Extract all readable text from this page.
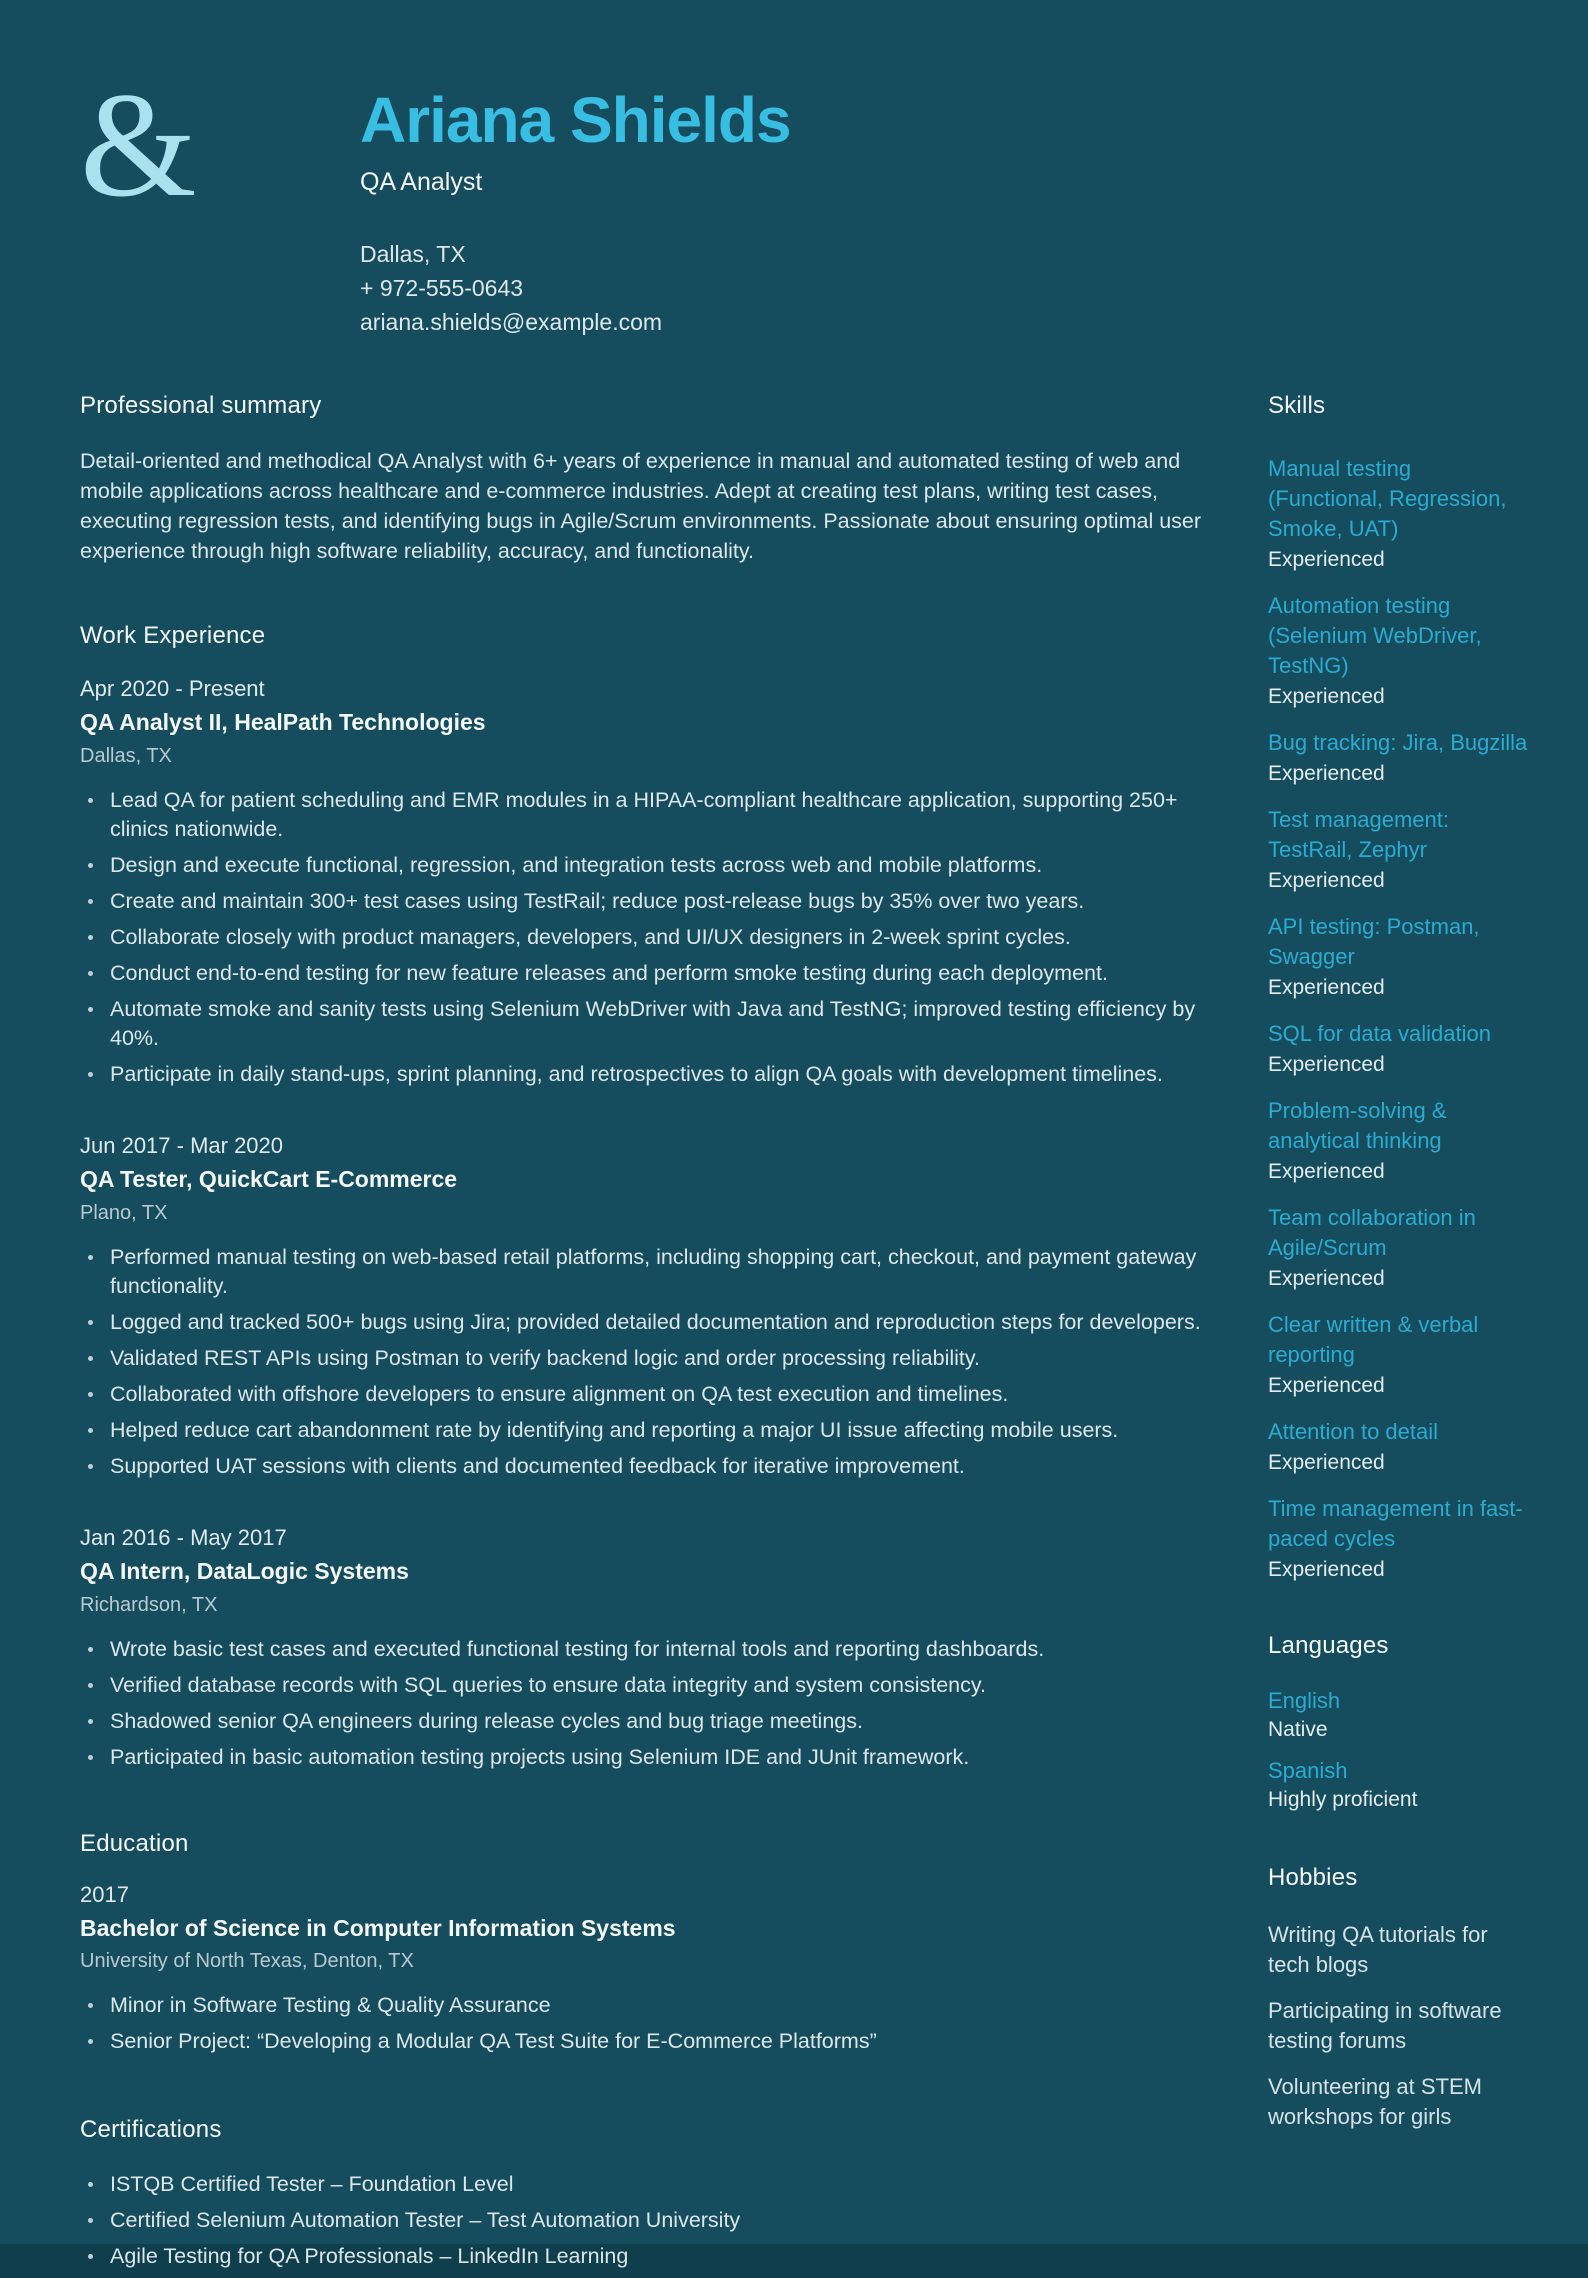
&	Ariana Shields
QA Analyst
Dallas, TX
+ 972-555-0643
ariana.shields@example.com
Professional summary

Detail-oriented and methodical QA Analyst with 6+ years of experience in manual and automated testing of web and mobile applications across healthcare and e-commerce industries. Adept at creating test plans, writing test cases, executing regression tests, and identifying bugs in Agile/Scrum environments. Passionate about ensuring optimal user experience through high software reliability, accuracy, and functionality.

Work Experience
Apr 2020 - Present
QA Analyst II, HealPath Technologies
Dallas, TX
Lead QA for patient scheduling and EMR modules in a HIPAA-compliant healthcare application, supporting 250+ clinics nationwide.
Design and execute functional, regression, and integration tests across web and mobile platforms.
Create and maintain 300+ test cases using TestRail; reduce post-release bugs by 35% over two years.
Collaborate closely with product managers, developers, and UI/UX designers in 2-week sprint cycles.
Conduct end-to-end testing for new feature releases and perform smoke testing during each deployment.
Automate smoke and sanity tests using Selenium WebDriver with Java and TestNG; improved testing efficiency by 40%.
Participate in daily stand-ups, sprint planning, and retrospectives to align QA goals with development timelines.
Jun 2017 - Mar 2020
QA Tester, QuickCart E-Commerce
Plano, TX
Performed manual testing on web-based retail platforms, including shopping cart, checkout, and payment gateway functionality.
Logged and tracked 500+ bugs using Jira; provided detailed documentation and reproduction steps for developers.
Validated REST APIs using Postman to verify backend logic and order processing reliability.
Collaborated with offshore developers to ensure alignment on QA test execution and timelines.
Helped reduce cart abandonment rate by identifying and reporting a major UI issue affecting mobile users.
Supported UAT sessions with clients and documented feedback for iterative improvement.
Jan 2016 - May 2017
QA Intern, DataLogic Systems
Richardson, TX
Wrote basic test cases and executed functional testing for internal tools and reporting dashboards.
Verified database records with SQL queries to ensure data integrity and system consistency.
Shadowed senior QA engineers during release cycles and bug triage meetings.
Participated in basic automation testing projects using Selenium IDE and JUnit framework.
Education
2017
Bachelor of Science in Computer Information Systems
University of North Texas, Denton, TX
Minor in Software Testing & Quality Assurance
Senior Project: “Developing a Modular QA Test Suite for E-Commerce Platforms”
Certifications
ISTQB Certified Tester – Foundation Level
Certified Selenium Automation Tester – Test Automation University
Agile Testing for QA Professionals – LinkedIn Learning
Skills
Manual testing (Functional, Regression, Smoke, UAT)
Experienced
Automation testing (Selenium WebDriver, TestNG)
Experienced
Bug tracking: Jira, Bugzilla
Experienced
Test management: TestRail, Zephyr
Experienced
API testing: Postman, Swagger
Experienced
SQL for data validation
Experienced
Problem-solving & analytical thinking
Experienced
Team collaboration in Agile/Scrum
Experienced
Clear written & verbal reporting
Experienced
Attention to detail
Experienced
Time management in fast-paced cycles
Experienced
Languages
English
Native
Spanish
Highly proficient
Hobbies
Writing QA tutorials for tech blogs
Participating in software testing forums
Volunteering at STEM workshops for girls
